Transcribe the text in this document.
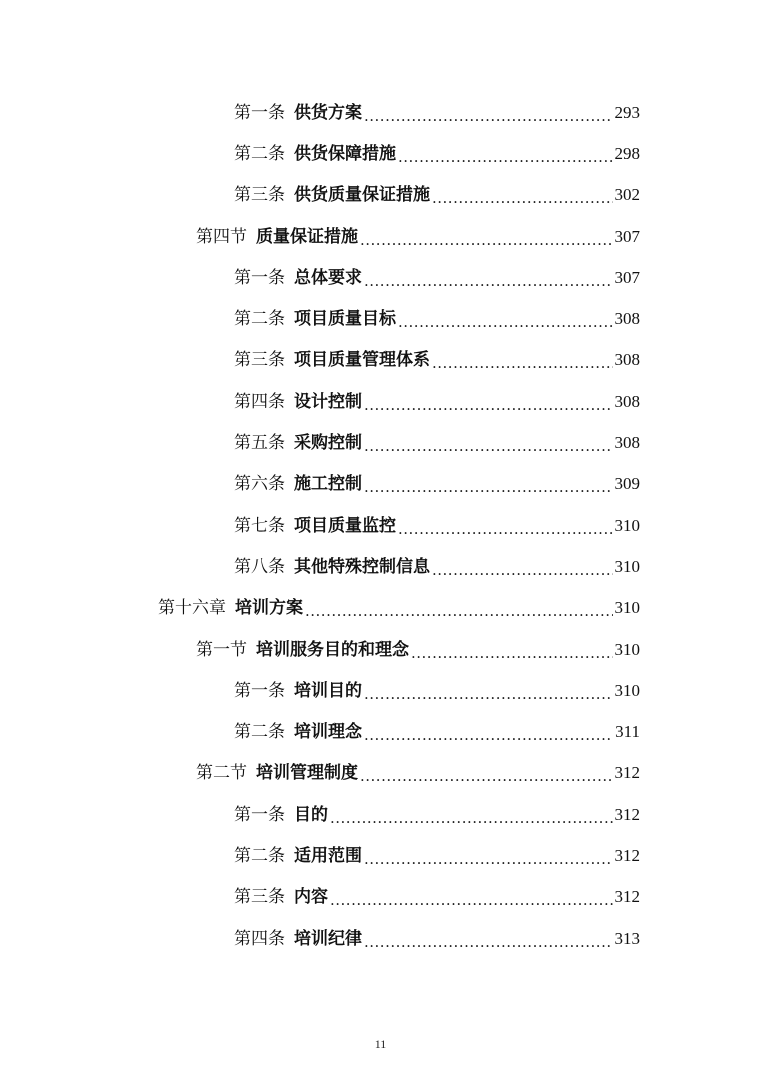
第一条 供货方案 .....	293
第二条 供货保障措施 .....	298
第三条 供货质量保证措施 .....	302
第四节 质量保证措施 .....	307
第一条 总体要求 .....	307
第二条 项目质量目标 .....	308
第三条 项目质量管理体系 .....	308
第四条 设计控制 .....	308
第五条 采购控制 .....	308
第六条 施工控制 .....	309
第七条 项目质量监控 .....	310
第八条 其他特殊控制信息 .....	310
第十六章 培训方案 .....	310
第一节 培训服务目的和理念 .....	310
第一条 培训目的 .....	310
第二条 培训理念 .....	311
第二节 培训管理制度 .....	312
第一条 目的 .....	312
第二条 适用范围 .....	312
第三条 内容 .....	312
第四条 培训纪律 .....	313
11
